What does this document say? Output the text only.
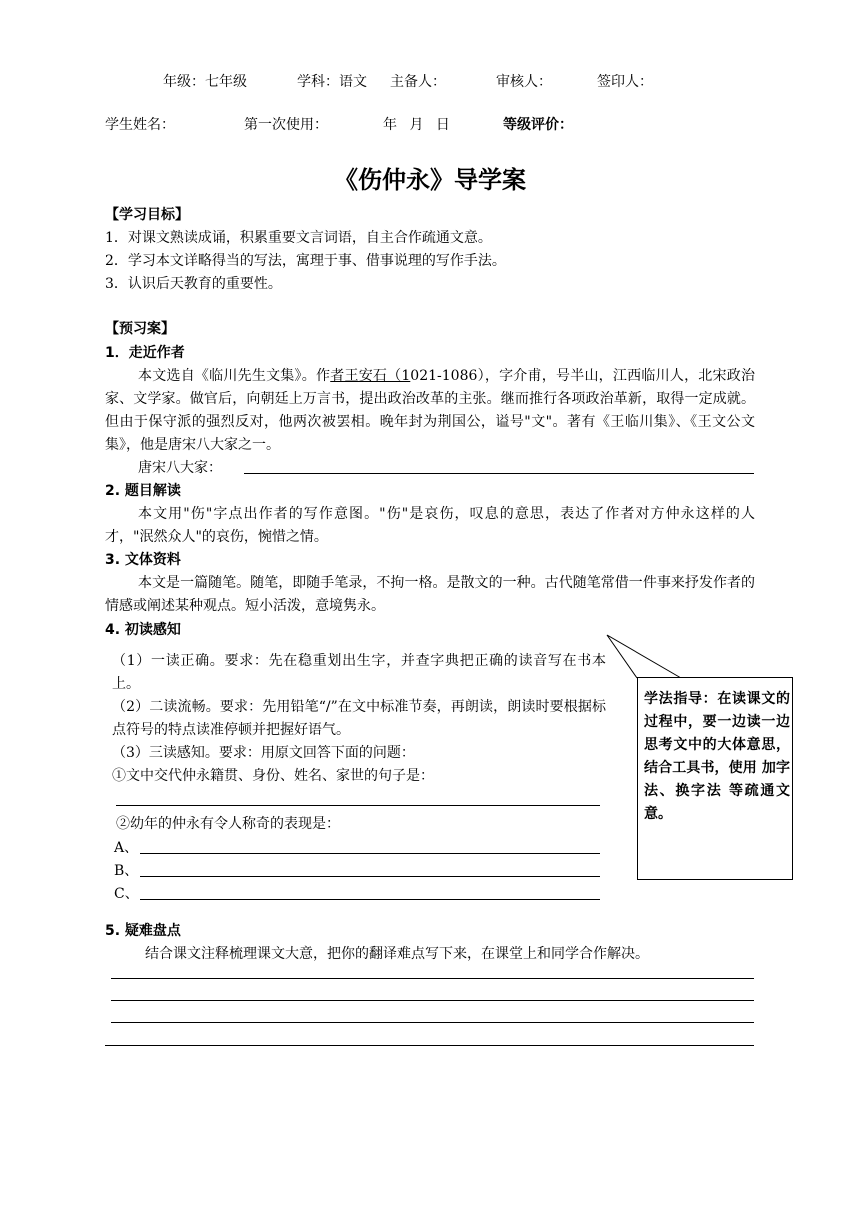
年级：七年级	学科：语文 主备人：	审核人：	签印人：
学生姓名：	第一次使用：	年 月 日	等级评价：
《伤仲永》导学案
【学习目标】
1．对课文熟读成诵，积累重要文言词语，自主合作疏通文意。
2．学习本文详略得当的写法，寓理于事、借事说理的写作手法。
3．认识后天教育的重要性。
【预习案】
1．走近作者
本文选自《临川先生文集》。作者王安石（1021-1086），字介甫，号半山，江西临川人，北宋政治家、文学家。做官后，向朝廷上万言书，提出政治改革的主张。继而推行各项政治革新，取得一定成就。但由于保守派的强烈反对，他两次被罢相。晚年封为荆国公，谥号"文"。著有《王临川集》、《王文公文集》，他是唐宋八大家之一。
唐宋八大家：
2. 题目解读
本文用"伤"字点出作者的写作意图。"伤"是哀伤，叹息的意思，表达了作者对方仲永这样的人才，"泯然众人"的哀伤，惋惜之情。
3. 文体资料
本文是一篇随笔。随笔，即随手笔录，不拘一格。是散文的一种。古代随笔常借一件事来抒发作者的情感或阐述某种观点。短小活泼，意境隽永。
4. 初读感知
（1）一读正确。要求：先在稳重划出生字，并查字典把正确的读音写在书本上。
（2）二读流畅。要求：先用铅笔“/”在文中标准节奏，再朗读，朗读时要根据标点符号的特点读准停顿并把握好语气。
（3）三读感知。要求：用原文回答下面的问题：
①文中交代仲永籍贯、身份、姓名、家世的句子是：
②幼年的仲永有令人称奇的表现是：
A、
B、
C、
学法指导：在读课文的过程中，要一边读一边思考文中的大体意思，结合工具书，使用 加字法、换字法 等疏通文意。
5. 疑难盘点
结合课文注释梳理课文大意，把你的翻译难点写下来，在课堂上和同学合作解决。
